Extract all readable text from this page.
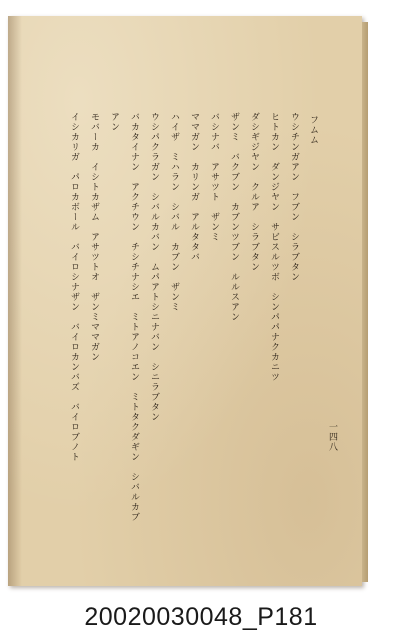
フムム
ウシチンガアン　フブン　シラブタン
ヒトカン　ダンジヤン　サビスルツボ　シンパパナクカニツ
ダシギジヤン　クルア　シラブタン
ザンミ　バクブン　カブンツブン　ルルスアン
バシナバ　アサツト　ザンミ
ママガン　カリンガ　アルタタバ
ハイザ　ミハラン　シバル　カブン　ザンミ
ウシパクラガン　シバルカバン　ムパアトシニナバン　シニラブタン
バカタイナン　アクチウン　チシチナシエ　ミトアノコエン　ミトタクダギン　シバルカブ
アン
モバーカ　イシトカザム　アサツトオ　ザンミママガン
イシカリガ　パロカボール　バイロシナザン　バイロカンバズ　バイロブノト	一四八
20020030048_P181
